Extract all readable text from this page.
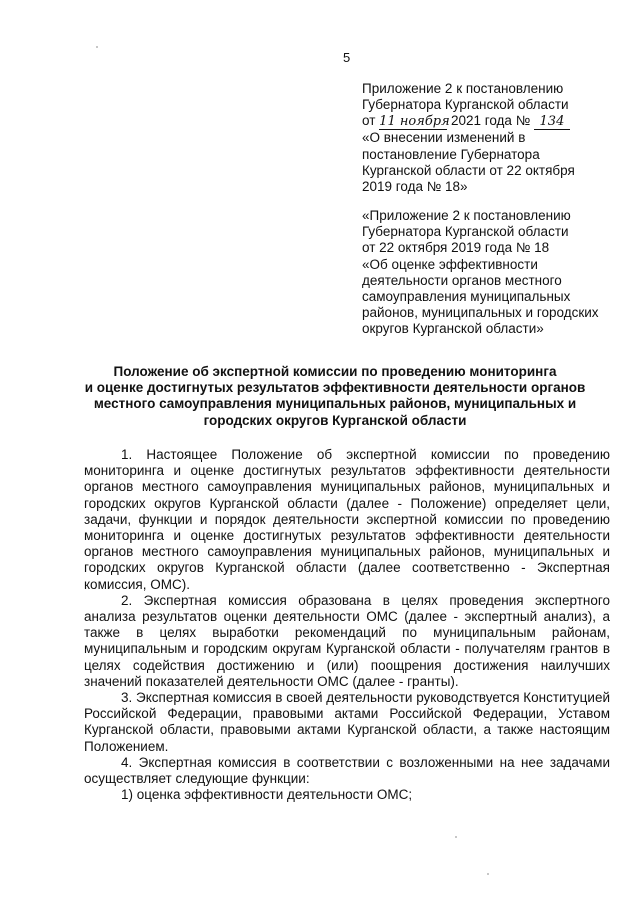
5
Приложение 2 к постановлению
Губернатора Курганской области
от 11 ноября 2021 года № 134
«О внесении изменений в
постановление Губернатора
Курганской области от 22 октября
2019 года № 18»
«Приложение 2 к постановлению
Губернатора Курганской области
от 22 октября 2019 года № 18
«Об оценке эффективности
деятельности органов местного
самоуправления муниципальных
районов, муниципальных и городских
округов Курганской области»
Положение об экспертной комиссии по проведению мониторинга
и оценке достигнутых результатов эффективности деятельности органов
местного самоуправления муниципальных районов, муниципальных и
городских округов Курганской области

1. Настоящее Положение об экспертной комиссии по проведению мониторинга и оценке достигнутых результатов эффективности деятельности органов местного самоуправления муниципальных районов, муниципальных и городских округов Курганской области (далее - Положение) определяет цели, задачи, функции и порядок деятельности экспертной комиссии по проведению мониторинга и оценке достигнутых результатов эффективности деятельности органов местного самоуправления муниципальных районов, муниципальных и городских округов Курганской области (далее соответственно - Экспертная комиссия, ОМС).

2. Экспертная комиссия образована в целях проведения экспертного анализа результатов оценки деятельности ОМС (далее - экспертный анализ), а также в целях выработки рекомендаций по муниципальным районам, муниципальным и городским округам Курганской области - получателям грантов в целях содействия достижению и (или) поощрения достижения наилучших значений показателей деятельности ОМС (далее - гранты).

3. Экспертная комиссия в своей деятельности руководствуется Конституцией Российской Федерации, правовыми актами Российской Федерации, Уставом Курганской области, правовыми актами Курганской области, а также настоящим Положением.

4. Экспертная комиссия в соответствии с возложенными на нее задачами осуществляет следующие функции:

1) оценка эффективности деятельности ОМС;
